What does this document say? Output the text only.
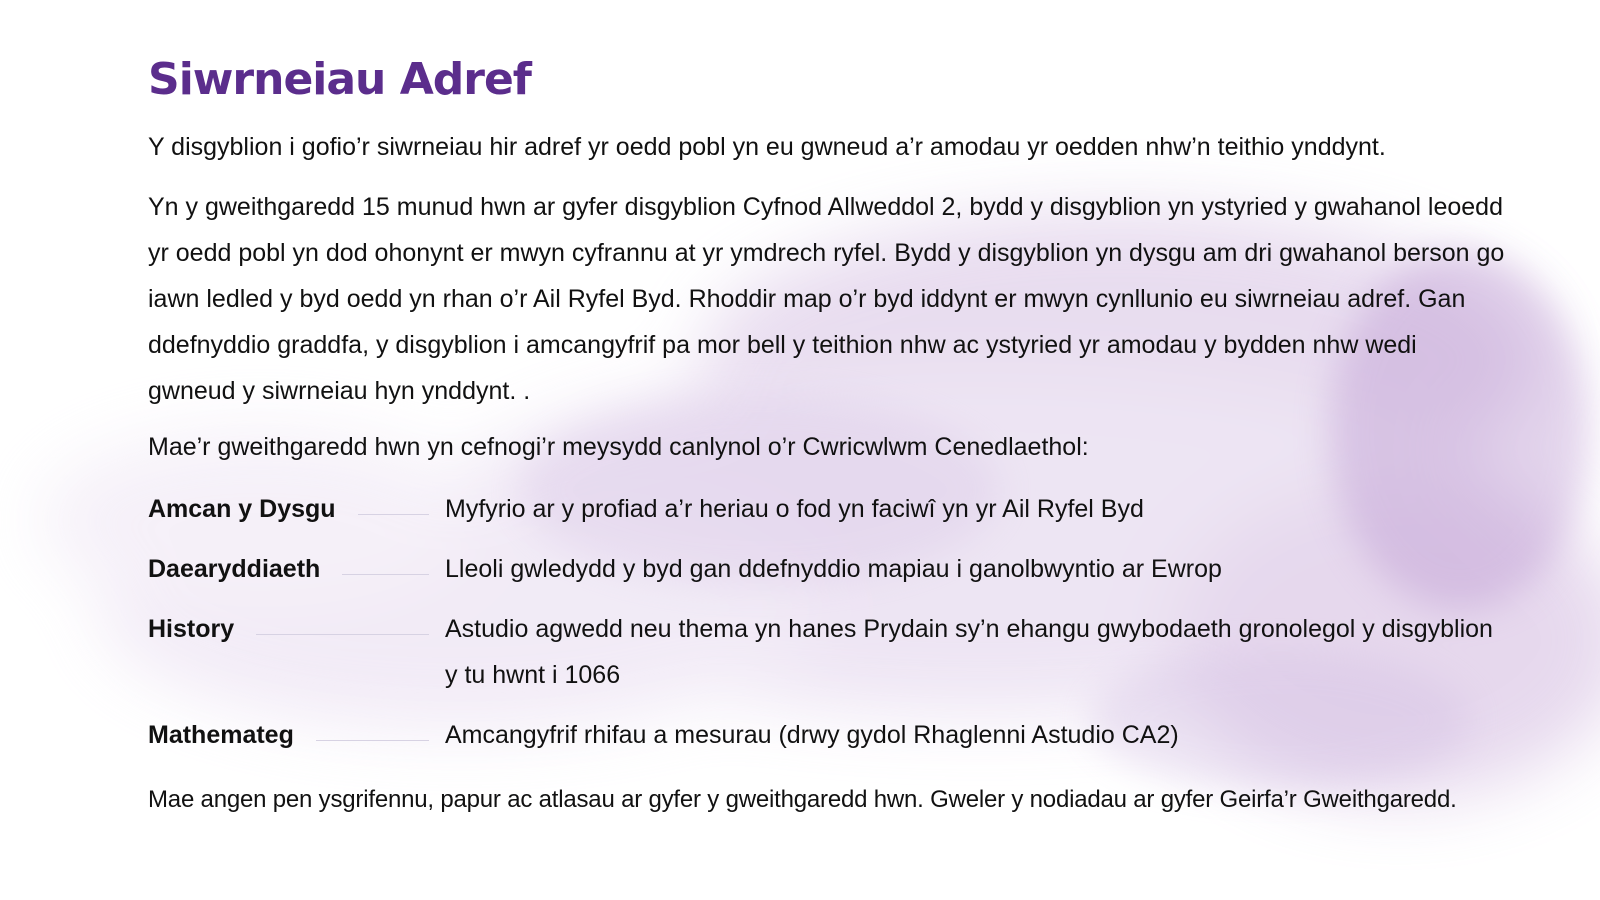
Siwrneiau Adref

Y disgyblion i gofio’r siwrneiau hir adref yr oedd pobl yn eu gwneud a’r amodau yr oedden nhw’n teithio ynddynt.

Yn y gweithgaredd 15 munud hwn ar gyfer disgyblion Cyfnod Allweddol 2, bydd y disgyblion yn ystyried y gwahanol leoedd yr oedd pobl yn dod ohonynt er mwyn cyfrannu at yr ymdrech ryfel. Bydd y disgyblion yn dysgu am dri gwahanol berson go iawn ledled y byd oedd yn rhan o’r Ail Ryfel Byd. Rhoddir map o’r byd iddynt er mwyn cynllunio eu siwrneiau adref. Gan ddefnyddio graddfa, y disgyblion i amcangyfrif pa mor bell y teithion nhw ac ystyried yr amodau y bydden nhw wedi gwneud y siwrneiau hyn ynddynt. .

Mae’r gweithgaredd hwn yn cefnogi’r meysydd canlynol o’r Cwricwlwm Cenedlaethol:

Amcan y Dysgu	Myfyrio ar y profiad a’r heriau o fod yn faciwî yn yr Ail Ryfel Byd
Daearyddiaeth	Lleoli gwledydd y byd gan ddefnyddio mapiau i ganolbwyntio ar Ewrop
History	Astudio agwedd neu thema yn hanes Prydain sy’n ehangu gwybodaeth gronolegol y disgyblion y tu hwnt i 1066
Mathemateg	Amcangyfrif rhifau a mesurau (drwy gydol Rhaglenni Astudio CA2)

Mae angen pen ysgrifennu, papur ac atlasau ar gyfer y gweithgaredd hwn. Gweler y nodiadau ar gyfer Geirfa’r Gweithgaredd.
